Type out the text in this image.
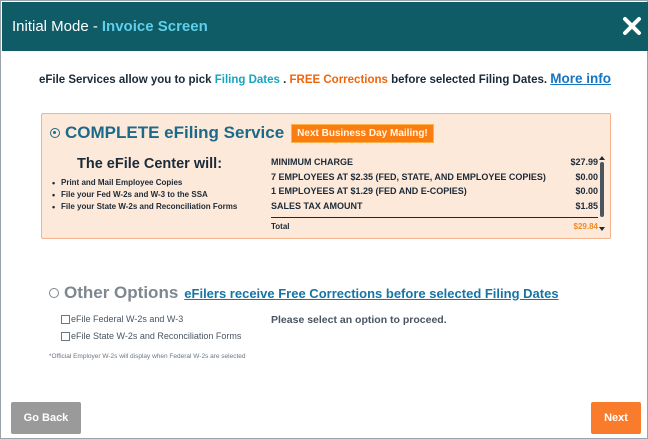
Initial Mode - Invoice Screen
eFile Services allow you to pick Filing Dates . FREE Corrections before selected Filing Dates. More info
COMPLETE eFiling Service	Next Business Day Mailing!
The eFile Center will:
• Print and Mail Employee Copies
• File your Fed W-2s and W-3 to the SSA
• File your State W-2s and Reconciliation Forms
MINIMUM CHARGE	$27.99
7 EMPLOYEES AT $2.35 (FED, STATE, AND EMPLOYEE COPIES)	$0.00
1 EMPLOYEES AT $1.29 (FED AND E-COPIES)	$0.00
SALES TAX AMOUNT	$1.85
Total	$29.84
Other Options eFilers receive Free Corrections before selected Filing Dates
eFile Federal W-2s and W-3
eFile State W-2s and Reconciliation Forms
*Official Employer W-2s will display when Federal W-2s are selected
Please select an option to proceed.
Go Back	Next
